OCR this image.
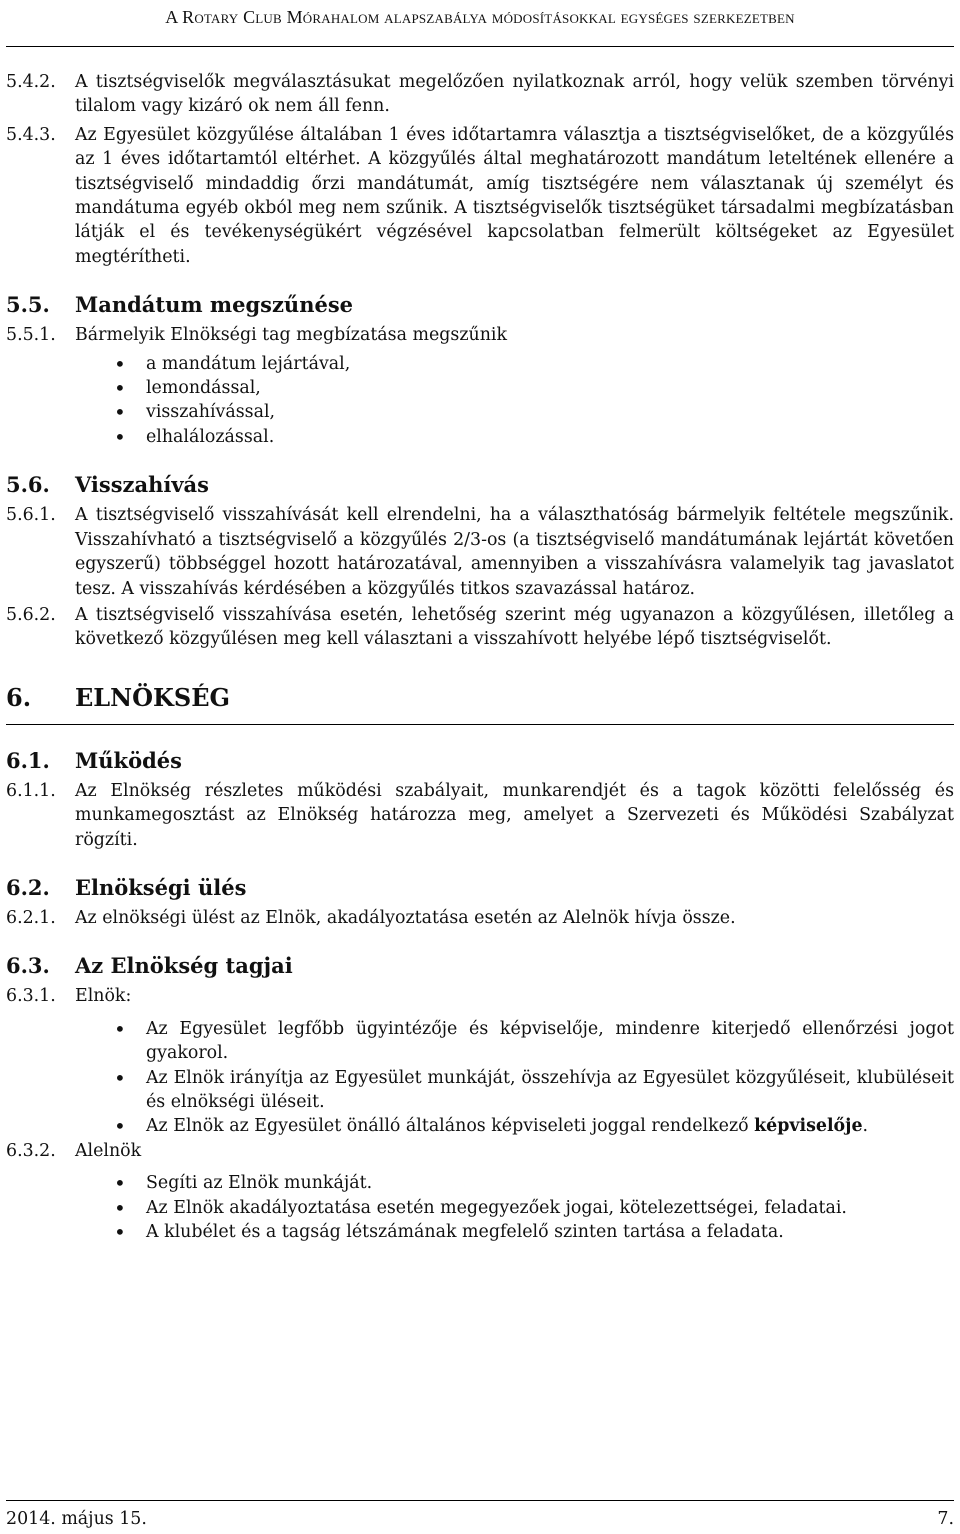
A Rotary Club Mórahalom alapszabálya módosításokkal egységes szerkezetben
5.4.2.	A tisztségviselők megválasztásukat megelőzően nyilatkoznak arról, hogy velük szemben törvényi tilalom vagy kizáró ok nem áll fenn.
5.4.3.	Az Egyesület közgyűlése általában 1 éves időtartamra választja a tisztségviselőket, de a közgyűlés az 1 éves időtartamtól eltérhet. A közgyűlés által meghatározott mandátum leteltének ellenére a tisztségviselő mindaddig őrzi mandátumát, amíg tisztségére nem választanak új személyt és mandátuma egyéb okból meg nem szűnik. A tisztségviselők tisztségüket társadalmi megbízatásban látják el és tevékenységükért végzésével kapcsolatban felmerült költségeket az Egyesület megtérítheti.
5.5.	Mandátum megszűnése
5.5.1.	Bármelyik Elnökségi tag megbízatása megszűnik
• a mandátum lejártával,
• lemondással,
• visszahívással,
• elhalálozással.
5.6.	Visszahívás
5.6.1.	A tisztségviselő visszahívását kell elrendelni, ha a választhatóság bármelyik feltétele megszűnik. Visszahívható a tisztségviselő a közgyűlés 2/3-os (a tisztségviselő mandátumának lejártát követően egyszerű) többséggel hozott határozatával, amennyiben a visszahívásra valamelyik tag javaslatot tesz. A visszahívás kérdésében a közgyűlés titkos szavazással határoz.
5.6.2.	A tisztségviselő visszahívása esetén, lehetőség szerint még ugyanazon a közgyűlésen, illetőleg a következő közgyűlésen meg kell választani a visszahívott helyébe lépő tisztségviselőt.
6.	ELNÖKSÉG
6.1.	Működés
6.1.1.	Az Elnökség részletes működési szabályait, munkarendjét és a tagok közötti felelősség és munkamegosztást az Elnökség határozza meg, amelyet a Szervezeti és Működési Szabályzat rögzíti.
6.2.	Elnökségi ülés
6.2.1.	Az elnökségi ülést az Elnök, akadályoztatása esetén az Alelnök hívja össze.
6.3.	Az Elnökség tagjai
6.3.1.	Elnök:
• Az Egyesület legfőbb ügyintézője és képviselője, mindenre kiterjedő ellenőrzési jogot gyakorol.
• Az Elnök irányítja az Egyesület munkáját, összehívja az Egyesület közgyűléseit, klubüléseit és elnökségi üléseit.
• Az Elnök az Egyesület önálló általános képviseleti joggal rendelkező képviselője.
6.3.2.	Alelnök
• Segíti az Elnök munkáját.
• Az Elnök akadályoztatása esetén megegyezőek jogai, kötelezettségei, feladatai.
• A klubélet és a tagság létszámának megfelelő szinten tartása a feladata.
2014. május 15.	7.
